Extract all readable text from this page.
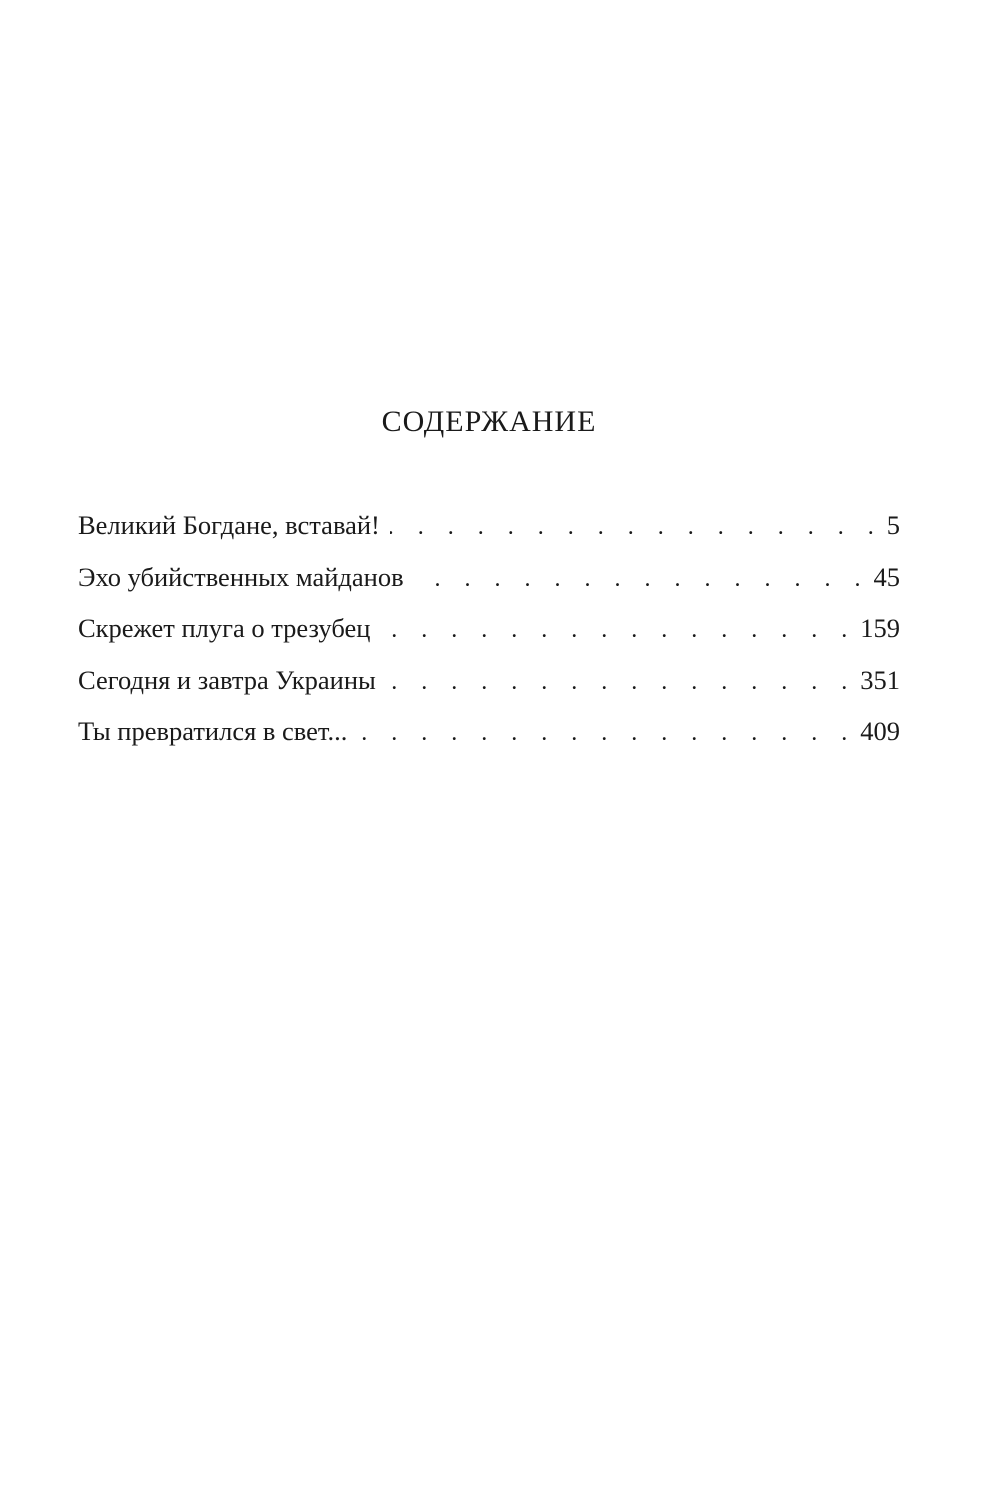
СОДЕРЖАНИЕ
Великий Богдане, вставай! . . .	5
Эхо убийственных майданов . . .	45
Скрежет плуга о трезубец . . .	159
Сегодня и завтра Украины . . .	351
Ты превратился в свет... . . .	409
